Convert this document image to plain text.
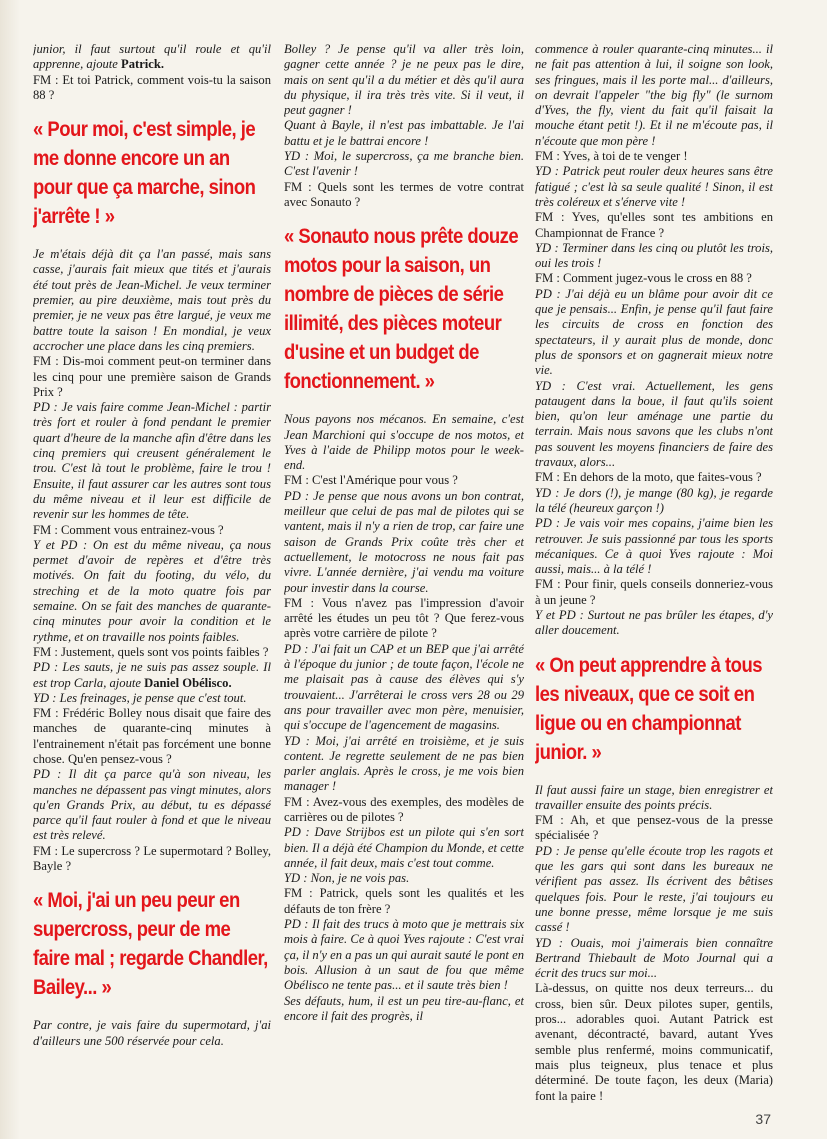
junior, il faut surtout qu'il roule et qu'il apprenne, ajoute Patrick.

FM : Et toi Patrick, comment vois-tu la saison 88 ?

« Pour moi, c'est simple, je me donne encore un an pour que ça marche, sinon j'arrête ! »

Je m'étais déjà dit ça l'an passé, mais sans casse, j'aurais fait mieux que tités et j'aurais été tout près de Jean-Michel. Je veux terminer premier, au pire deuxième, mais tout près du premier, je ne veux pas être largué, je veux me battre toute la saison ! En mondial, je veux accrocher une place dans les cinq premiers.

FM : Dis-moi comment peut-on terminer dans les cinq pour une première saison de Grands Prix ?

PD : Je vais faire comme Jean-Michel : partir très fort et rouler à fond pendant le premier quart d'heure de la manche afin d'être dans les cinq premiers qui creusent généralement le trou. C'est là tout le problème, faire le trou ! Ensuite, il faut assurer car les autres sont tous du même niveau et il leur est difficile de revenir sur les hommes de tête.

FM : Comment vous entrainez-vous ?

Y et PD : On est du même niveau, ça nous permet d'avoir de repères et d'être très motivés. On fait du footing, du vélo, du streching et de la moto quatre fois par semaine. On se fait des manches de quarante-cinq minutes pour avoir la condition et le rythme, et on travaille nos points faibles.

FM : Justement, quels sont vos points faibles ?

PD : Les sauts, je ne suis pas assez souple. Il est trop Carla, ajoute Daniel Obélisco.

YD : Les freinages, je pense que c'est tout.

FM : Frédéric Bolley nous disait que faire des manches de quarante-cinq minutes à l'entrainement n'était pas forcément une bonne chose. Qu'en pensez-vous ?

PD : Il dit ça parce qu'à son niveau, les manches ne dépassent pas vingt minutes, alors qu'en Grands Prix, au début, tu es dépassé parce qu'il faut rouler à fond et que le niveau est très relevé.

FM : Le supercross ? Le supermotard ? Bolley, Bayle ?

« Moi, j'ai un peu peur en supercross, peur de me faire mal ; regarde Chandler, Bailey... »

Par contre, je vais faire du supermotard, j'ai d'ailleurs une 500 réservée pour cela.

Bolley ? Je pense qu'il va aller très loin, gagner cette année ? je ne peux pas le dire, mais on sent qu'il a du métier et dès qu'il aura du physique, il ira très très vite. Si il veut, il peut gagner !

Quant à Bayle, il n'est pas imbattable. Je l'ai battu et je le battrai encore !

YD : Moi, le supercross, ça me branche bien. C'est l'avenir !

FM : Quels sont les termes de votre contrat avec Sonauto ?

« Sonauto nous prête douze motos pour la saison, un nombre de pièces de série illimité, des pièces moteur d'usine et un budget de fonctionnement. »

Nous payons nos mécanos. En semaine, c'est Jean Marchioni qui s'occupe de nos motos, et Yves à l'aide de Philipp motos pour le week-end.

FM : C'est l'Amérique pour vous ?

PD : Je pense que nous avons un bon contrat, meilleur que celui de pas mal de pilotes qui se vantent, mais il n'y a rien de trop, car faire une saison de Grands Prix coûte très cher et actuellement, le motocross ne nous fait pas vivre. L'année dernière, j'ai vendu ma voiture pour investir dans la course.

FM : Vous n'avez pas l'impression d'avoir arrêté les études un peu tôt ? Que ferez-vous après votre carrière de pilote ?

PD : J'ai fait un CAP et un BEP que j'ai arrêté à l'époque du junior ; de toute façon, l'école ne me plaisait pas à cause des élèves qui s'y trouvaient... J'arrêterai le cross vers 28 ou 29 ans pour travailler avec mon père, menuisier, qui s'occupe de l'agencement de magasins.

YD : Moi, j'ai arrêté en troisième, et je suis content. Je regrette seulement de ne pas bien parler anglais. Après le cross, je me vois bien manager !

FM : Avez-vous des exemples, des modèles de carrières ou de pilotes ?

PD : Dave Strijbos est un pilote qui s'en sort bien. Il a déjà été Champion du Monde, et cette année, il fait deux, mais c'est tout comme.

YD : Non, je ne vois pas.

FM : Patrick, quels sont les qualités et les défauts de ton frère ?

PD : Il fait des trucs à moto que je mettrais six mois à faire. Ce à quoi Yves rajoute : C'est vrai ça, il n'y en a pas un qui aurait sauté le pont en bois. Allusion à un saut de fou que même Obélisco ne tente pas... et il saute très bien !

Ses défauts, hum, il est un peu tire-au-flanc, et encore il fait des progrès, il

commence à rouler quarante-cinq minutes... il ne fait pas attention à lui, il soigne son look, ses fringues, mais il les porte mal... d'ailleurs, on devrait l'appeler "the big fly" (le surnom d'Yves, the fly, vient du fait qu'il faisait la mouche étant petit !). Et il ne m'écoute pas, il n'écoute que mon père !

FM : Yves, à toi de te venger !

YD : Patrick peut rouler deux heures sans être fatigué ; c'est là sa seule qualité ! Sinon, il est très coléreux et s'énerve vite !

FM : Yves, qu'elles sont tes ambitions en Championnat de France ?

YD : Terminer dans les cinq ou plutôt les trois, oui les trois !

FM : Comment jugez-vous le cross en 88 ?

PD : J'ai déjà eu un blâme pour avoir dit ce que je pensais... Enfin, je pense qu'il faut faire les circuits de cross en fonction des spectateurs, il y aurait plus de monde, donc plus de sponsors et on gagnerait mieux notre vie.

YD : C'est vrai. Actuellement, les gens pataugent dans la boue, il faut qu'ils soient bien, qu'on leur aménage une partie du terrain. Mais nous savons que les clubs n'ont pas souvent les moyens financiers de faire des travaux, alors...

FM : En dehors de la moto, que faites-vous ?

YD : Je dors (!), je mange (80 kg), je regarde la télé (heureux garçon !)

PD : Je vais voir mes copains, j'aime bien les retrouver. Je suis passionné par tous les sports mécaniques. Ce à quoi Yves rajoute : Moi aussi, mais... à la télé !

FM : Pour finir, quels conseils donneriez-vous à un jeune ?

Y et PD : Surtout ne pas brûler les étapes, d'y aller doucement.

« On peut apprendre à tous les niveaux, que ce soit en ligue ou en championnat junior. »

Il faut aussi faire un stage, bien enregistrer et travailler ensuite des points précis.

FM : Ah, et que pensez-vous de la presse spécialisée ?

PD : Je pense qu'elle écoute trop les ragots et que les gars qui sont dans les bureaux ne vérifient pas assez. Ils écrivent des bêtises quelques fois. Pour le reste, j'ai toujours eu une bonne presse, même lorsque je me suis cassé !

YD : Ouais, moi j'aimerais bien connaître Bertrand Thiebault de Moto Journal qui a écrit des trucs sur moi...

Là-dessus, on quitte nos deux terreurs... du cross, bien sûr. Deux pilotes super, gentils, pros... adorables quoi. Autant Patrick est avenant, décontracté, bavard, autant Yves semble plus renfermé, moins communicatif, mais plus teigneux, plus tenace et plus déterminé. De toute façon, les deux (Maria) font la paire !

37
